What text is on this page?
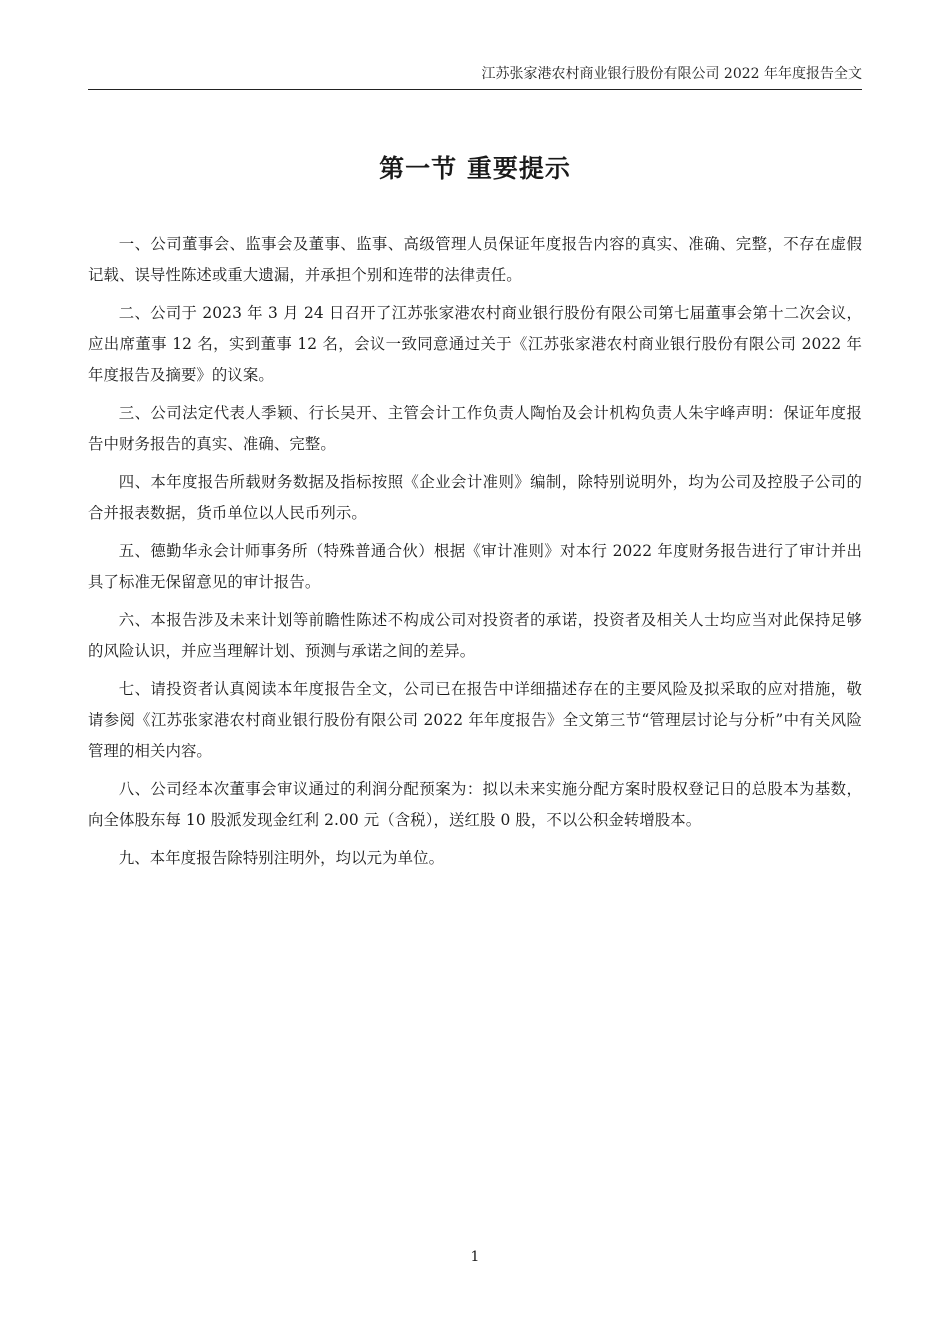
江苏张家港农村商业银行股份有限公司 2022 年年度报告全文
第一节 重要提示

一、公司董事会、监事会及董事、监事、高级管理人员保证年度报告内容的真实、准确、完整，不存在虚假记载、误导性陈述或重大遗漏，并承担个别和连带的法律责任。

二、公司于 2023 年 3 月 24 日召开了江苏张家港农村商业银行股份有限公司第七届董事会第十二次会议，应出席董事 12 名，实到董事 12 名，会议一致同意通过关于《江苏张家港农村商业银行股份有限公司 2022 年年度报告及摘要》的议案。

三、公司法定代表人季颖、行长吴开、主管会计工作负责人陶怡及会计机构负责人朱宇峰声明：保证年度报告中财务报告的真实、准确、完整。

四、本年度报告所载财务数据及指标按照《企业会计准则》编制，除特别说明外，均为公司及控股子公司的合并报表数据，货币单位以人民币列示。

五、德勤华永会计师事务所（特殊普通合伙）根据《审计准则》对本行 2022 年度财务报告进行了审计并出具了标准无保留意见的审计报告。

六、本报告涉及未来计划等前瞻性陈述不构成公司对投资者的承诺，投资者及相关人士均应当对此保持足够的风险认识，并应当理解计划、预测与承诺之间的差异。

七、请投资者认真阅读本年度报告全文，公司已在报告中详细描述存在的主要风险及拟采取的应对措施，敬请参阅《江苏张家港农村商业银行股份有限公司 2022 年年度报告》全文第三节“管理层讨论与分析”中有关风险管理的相关内容。

八、公司经本次董事会审议通过的利润分配预案为：拟以未来实施分配方案时股权登记日的总股本为基数，向全体股东每 10 股派发现金红利 2.00 元（含税），送红股 0 股，不以公积金转增股本。

九、本年度报告除特别注明外，均以元为单位。

1
